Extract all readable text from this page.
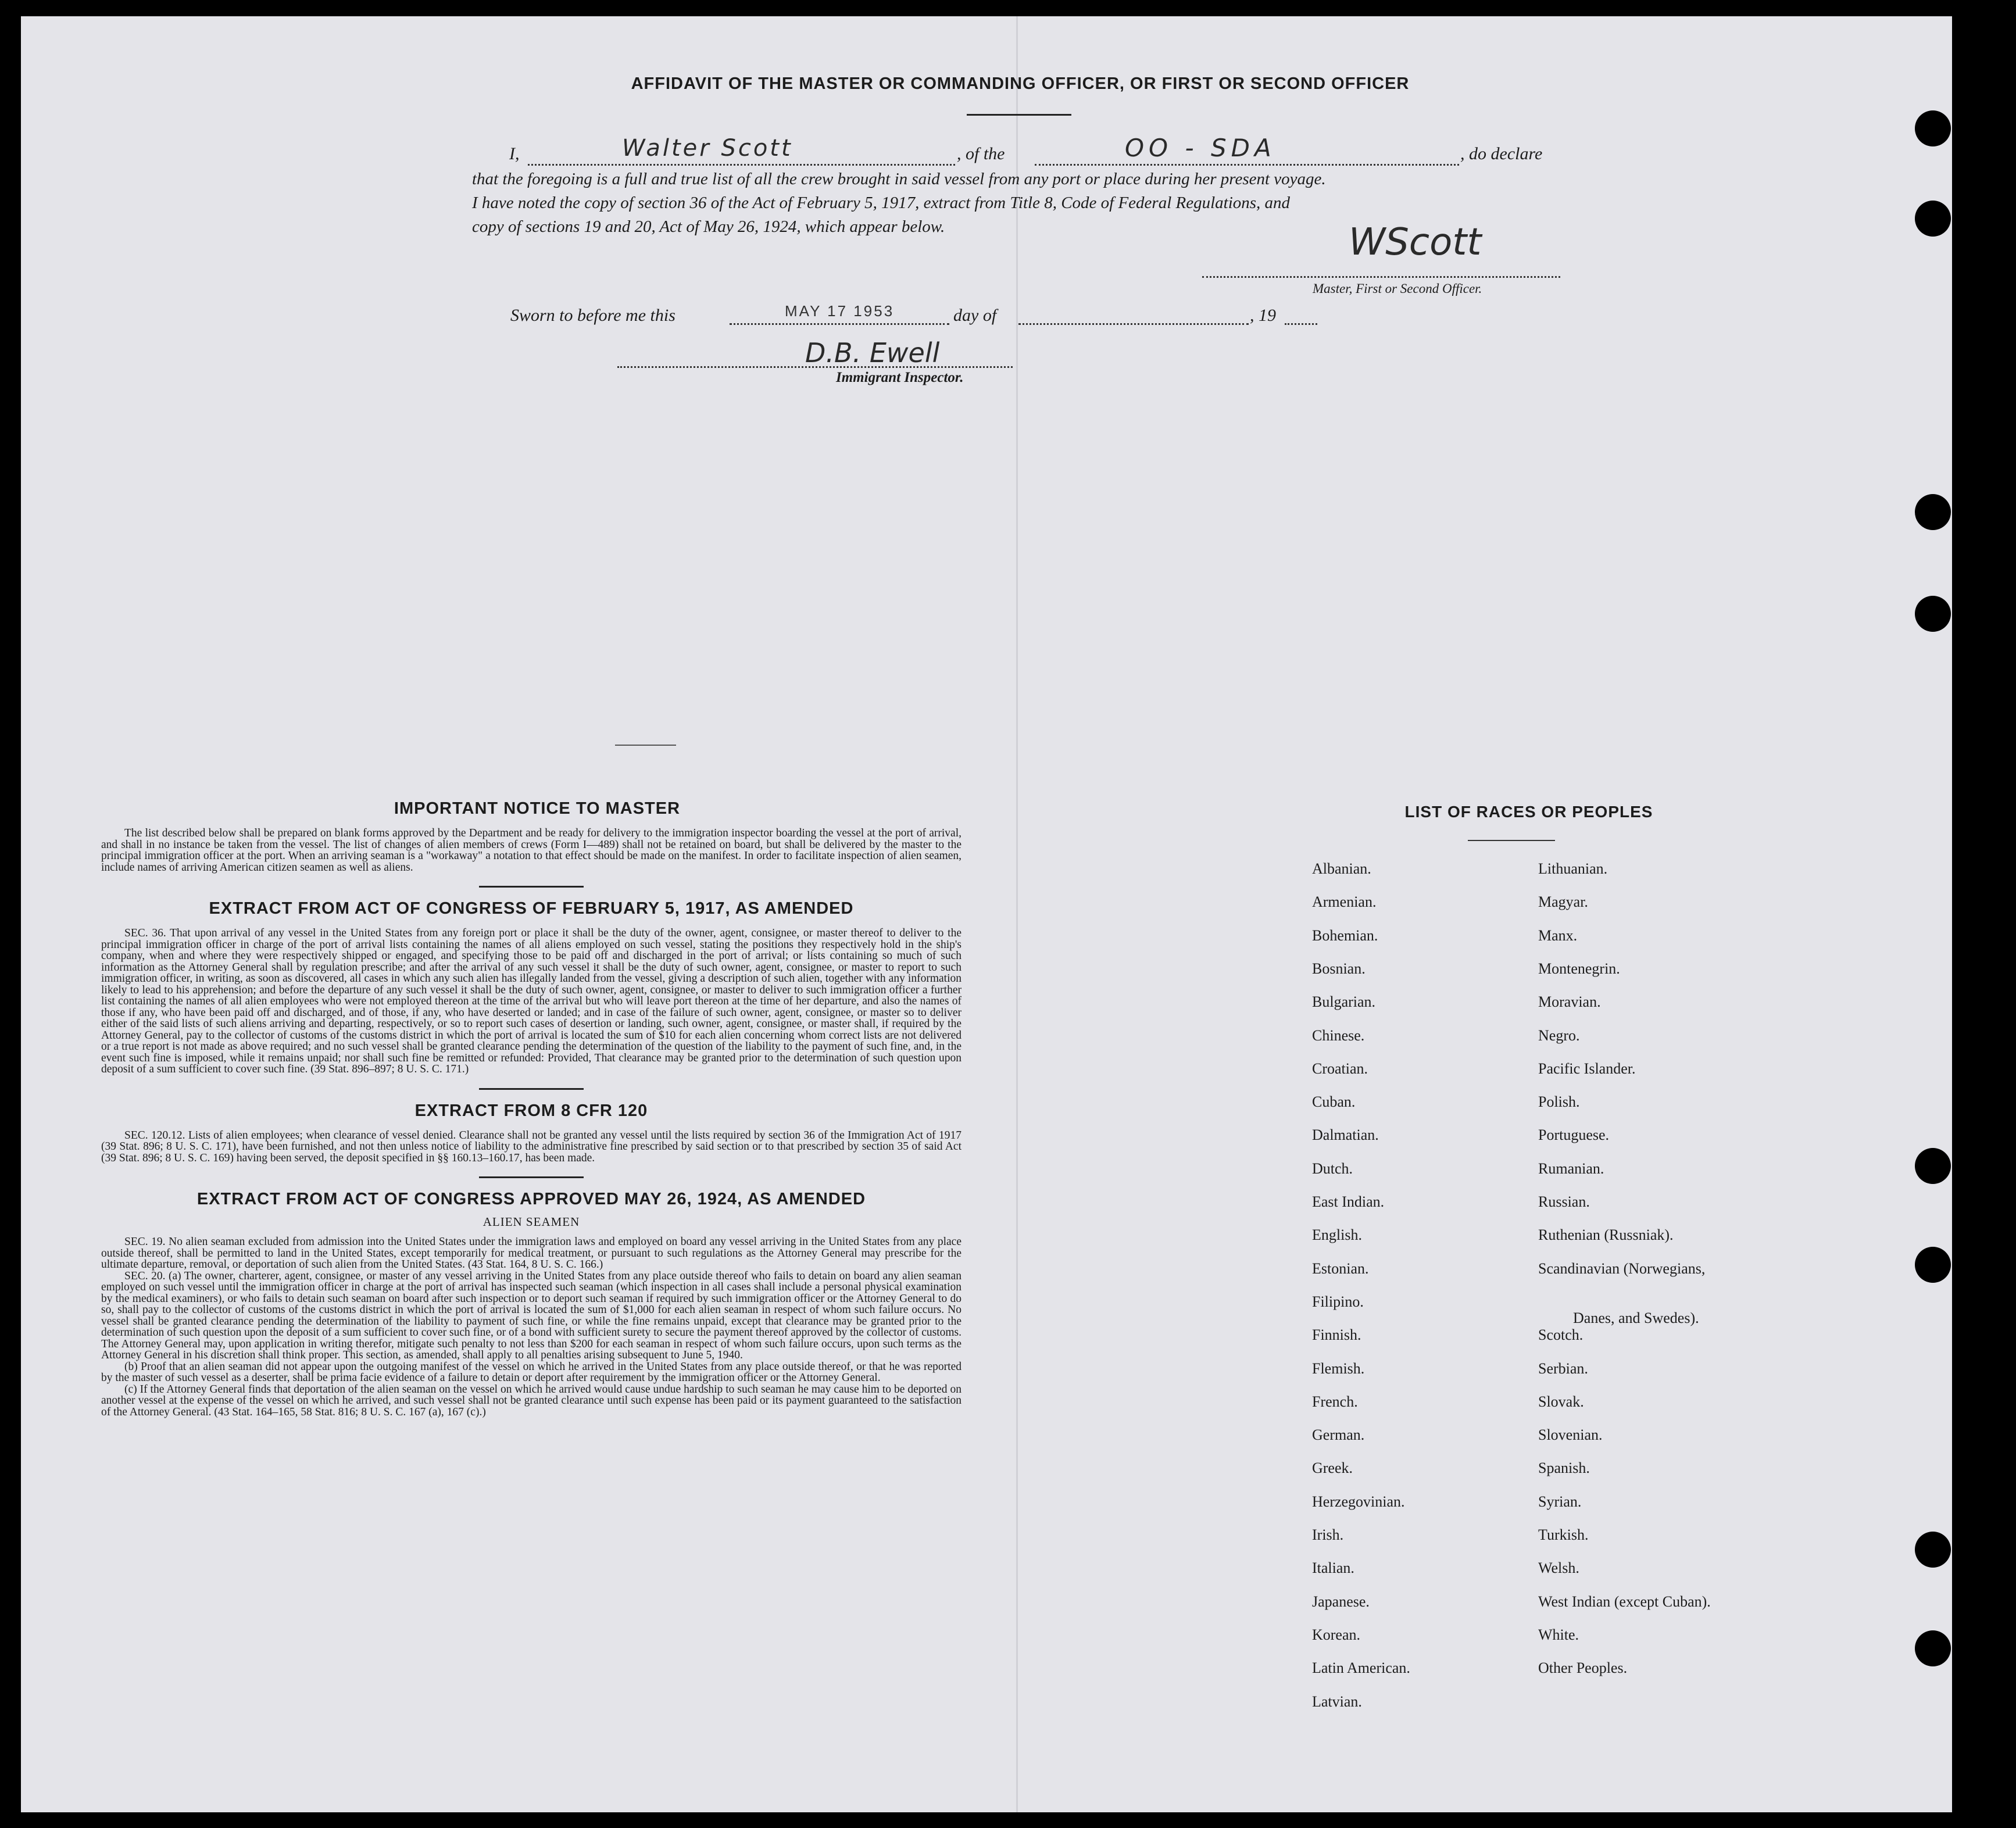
AFFIDAVIT OF THE MASTER OR COMMANDING OFFICER, OR FIRST OR SECOND OFFICER
I,	Walter Scott	, of the	OO - SDA	, do declare
that the foregoing is a full and true list of all the crew brought in said vessel from any port or place during her present voyage.
I have noted the copy of section 36 of the Act of February 5, 1917, extract from Title 8, Code of Federal Regulations, and
copy of sections 19 and 20, Act of May 26, 1924, which appear below.	WScott
Master, First or Second Officer.
Sworn to before me this	MAY 17 1953	day of	, 19
D.B. Ewell
Immigrant Inspector.
IMPORTANT NOTICE TO MASTER

The list described below shall be prepared on blank forms approved by the Department and be ready for delivery to the immigration inspector boarding the vessel at the port of arrival, and shall in no instance be taken from the vessel. The list of changes of alien members of crews (Form I—489) shall not be retained on board, but shall be delivered by the master to the principal immigration officer at the port. When an arriving seaman is a "workaway" a notation to that effect should be made on the manifest. In order to facilitate inspection of alien seamen, include names of arriving American citizen seamen as well as aliens.

EXTRACT FROM ACT OF CONGRESS OF FEBRUARY 5, 1917, AS AMENDED

SEC. 36. That upon arrival of any vessel in the United States from any foreign port or place it shall be the duty of the owner, agent, consignee, or master thereof to deliver to the principal immigration officer in charge of the port of arrival lists containing the names of all aliens employed on such vessel, stating the positions they respectively hold in the ship's company, when and where they were respectively shipped or engaged, and specifying those to be paid off and discharged in the port of arrival; or lists containing so much of such information as the Attorney General shall by regulation prescribe; and after the arrival of any such vessel it shall be the duty of such owner, agent, consignee, or master to report to such immigration officer, in writing, as soon as discovered, all cases in which any such alien has illegally landed from the vessel, giving a description of such alien, together with any information likely to lead to his apprehension; and before the departure of any such vessel it shall be the duty of such owner, agent, consignee, or master to deliver to such immigration officer a further list containing the names of all alien employees who were not employed thereon at the time of the arrival but who will leave port thereon at the time of her departure, and also the names of those if any, who have been paid off and discharged, and of those, if any, who have deserted or landed; and in case of the failure of such owner, agent, consignee, or master so to deliver either of the said lists of such aliens arriving and departing, respectively, or so to report such cases of desertion or landing, such owner, agent, consignee, or master shall, if required by the Attorney General, pay to the collector of customs of the customs district in which the port of arrival is located the sum of $10 for each alien concerning whom correct lists are not delivered or a true report is not made as above required; and no such vessel shall be granted clearance pending the determination of the question of the liability to the payment of such fine, and, in the event such fine is imposed, while it remains unpaid; nor shall such fine be remitted or refunded: Provided, That clearance may be granted prior to the determination of such question upon deposit of a sum sufficient to cover such fine. (39 Stat. 896–897; 8 U. S. C. 171.)

EXTRACT FROM 8 CFR 120

SEC. 120.12. Lists of alien employees; when clearance of vessel denied. Clearance shall not be granted any vessel until the lists required by section 36 of the Immigration Act of 1917 (39 Stat. 896; 8 U. S. C. 171), have been furnished, and not then unless notice of liability to the administrative fine prescribed by said section or to that prescribed by section 35 of said Act (39 Stat. 896; 8 U. S. C. 169) having been served, the deposit specified in §§ 160.13–160.17, has been made.

EXTRACT FROM ACT OF CONGRESS APPROVED MAY 26, 1924, AS AMENDED
ALIEN SEAMEN

SEC. 19. No alien seaman excluded from admission into the United States under the immigration laws and employed on board any vessel arriving in the United States from any place outside thereof, shall be permitted to land in the United States, except temporarily for medical treatment, or pursuant to such regulations as the Attorney General may prescribe for the ultimate departure, removal, or deportation of such alien from the United States. (43 Stat. 164, 8 U. S. C. 166.)

SEC. 20. (a) The owner, charterer, agent, consignee, or master of any vessel arriving in the United States from any place outside thereof who fails to detain on board any alien seaman employed on such vessel until the immigration officer in charge at the port of arrival has inspected such seaman (which inspection in all cases shall include a personal physical examination by the medical examiners), or who fails to detain such seaman on board after such inspection or to deport such seaman if required by such immigration officer or the Attorney General to do so, shall pay to the collector of customs of the customs district in which the port of arrival is located the sum of $1,000 for each alien seaman in respect of whom such failure occurs. No vessel shall be granted clearance pending the determination of the liability to payment of such fine, or while the fine remains unpaid, except that clearance may be granted prior to the determination of such question upon the deposit of a sum sufficient to cover such fine, or of a bond with sufficient surety to secure the payment thereof approved by the collector of customs. The Attorney General may, upon application in writing therefor, mitigate such penalty to not less than $200 for each seaman in respect of whom such failure occurs, upon such terms as the Attorney General in his discretion shall think proper. This section, as amended, shall apply to all penalties arising subsequent to June 5, 1940.

(b) Proof that an alien seaman did not appear upon the outgoing manifest of the vessel on which he arrived in the United States from any place outside thereof, or that he was reported by the master of such vessel as a deserter, shall be prima facie evidence of a failure to detain or deport after requirement by the immigration officer or the Attorney General.

(c) If the Attorney General finds that deportation of the alien seaman on the vessel on which he arrived would cause undue hardship to such seaman he may cause him to be deported on another vessel at the expense of the vessel on which he arrived, and such vessel shall not be granted clearance until such expense has been paid or its payment guaranteed to the satisfaction of the Attorney General. (43 Stat. 164–165, 58 Stat. 816; 8 U. S. C. 167 (a), 167 (c).)

LIST OF RACES OR PEOPLES
Albanian.
Armenian.
Bohemian.
Bosnian.
Bulgarian.
Chinese.
Croatian.
Cuban.
Dalmatian.
Dutch.
East Indian.
English.
Estonian.
Filipino.
Finnish.
Flemish.
French.
German.
Greek.
Herzegovinian.
Irish.
Italian.
Japanese.
Korean.
Latin American.
Latvian.
Lithuanian.
Magyar.
Manx.
Montenegrin.
Moravian.
Negro.
Pacific Islander.
Polish.
Portuguese.
Rumanian.
Russian.
Ruthenian (Russniak).
Scandinavian (Norwegians,
Danes, and Swedes).
Scotch.
Serbian.
Slovak.
Slovenian.
Spanish.
Syrian.
Turkish.
Welsh.
West Indian (except Cuban).
White.
Other Peoples.
